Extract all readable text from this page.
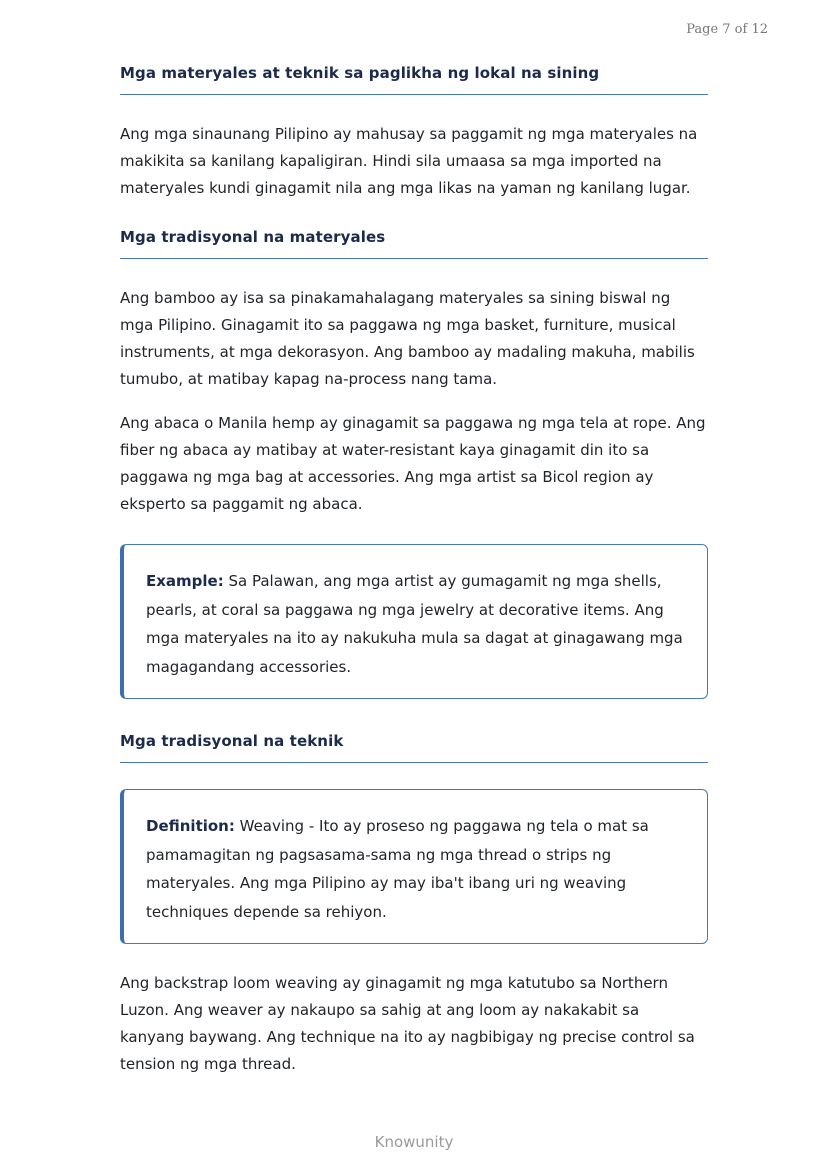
Page 7 of 12
Mga materyales at teknik sa paglikha ng lokal na sining

Ang mga sinaunang Pilipino ay mahusay sa paggamit ng mga materyales na makikita sa kanilang kapaligiran. Hindi sila umaasa sa mga imported na materyales kundi ginagamit nila ang mga likas na yaman ng kanilang lugar.

Mga tradisyonal na materyales

Ang bamboo ay isa sa pinakamahalagang materyales sa sining biswal ng mga Pilipino. Ginagamit ito sa paggawa ng mga basket, furniture, musical instruments, at mga dekorasyon. Ang bamboo ay madaling makuha, mabilis tumubo, at matibay kapag na-process nang tama.

Ang abaca o Manila hemp ay ginagamit sa paggawa ng mga tela at rope. Ang fiber ng abaca ay matibay at water-resistant kaya ginagamit din ito sa paggawa ng mga bag at accessories. Ang mga artist sa Bicol region ay eksperto sa paggamit ng abaca.

Example: Sa Palawan, ang mga artist ay gumagamit ng mga shells, pearls, at coral sa paggawa ng mga jewelry at decorative items. Ang mga materyales na ito ay nakukuha mula sa dagat at ginagawang mga magagandang accessories.

Mga tradisyonal na teknik

Definition: Weaving - Ito ay proseso ng paggawa ng tela o mat sa pamamagitan ng pagsasama-sama ng mga thread o strips ng materyales. Ang mga Pilipino ay may iba't ibang uri ng weaving techniques depende sa rehiyon.

Ang backstrap loom weaving ay ginagamit ng mga katutubo sa Northern Luzon. Ang weaver ay nakaupo sa sahig at ang loom ay nakakabit sa kanyang baywang. Ang technique na ito ay nagbibigay ng precise control sa tension ng mga thread.

Knowunity
